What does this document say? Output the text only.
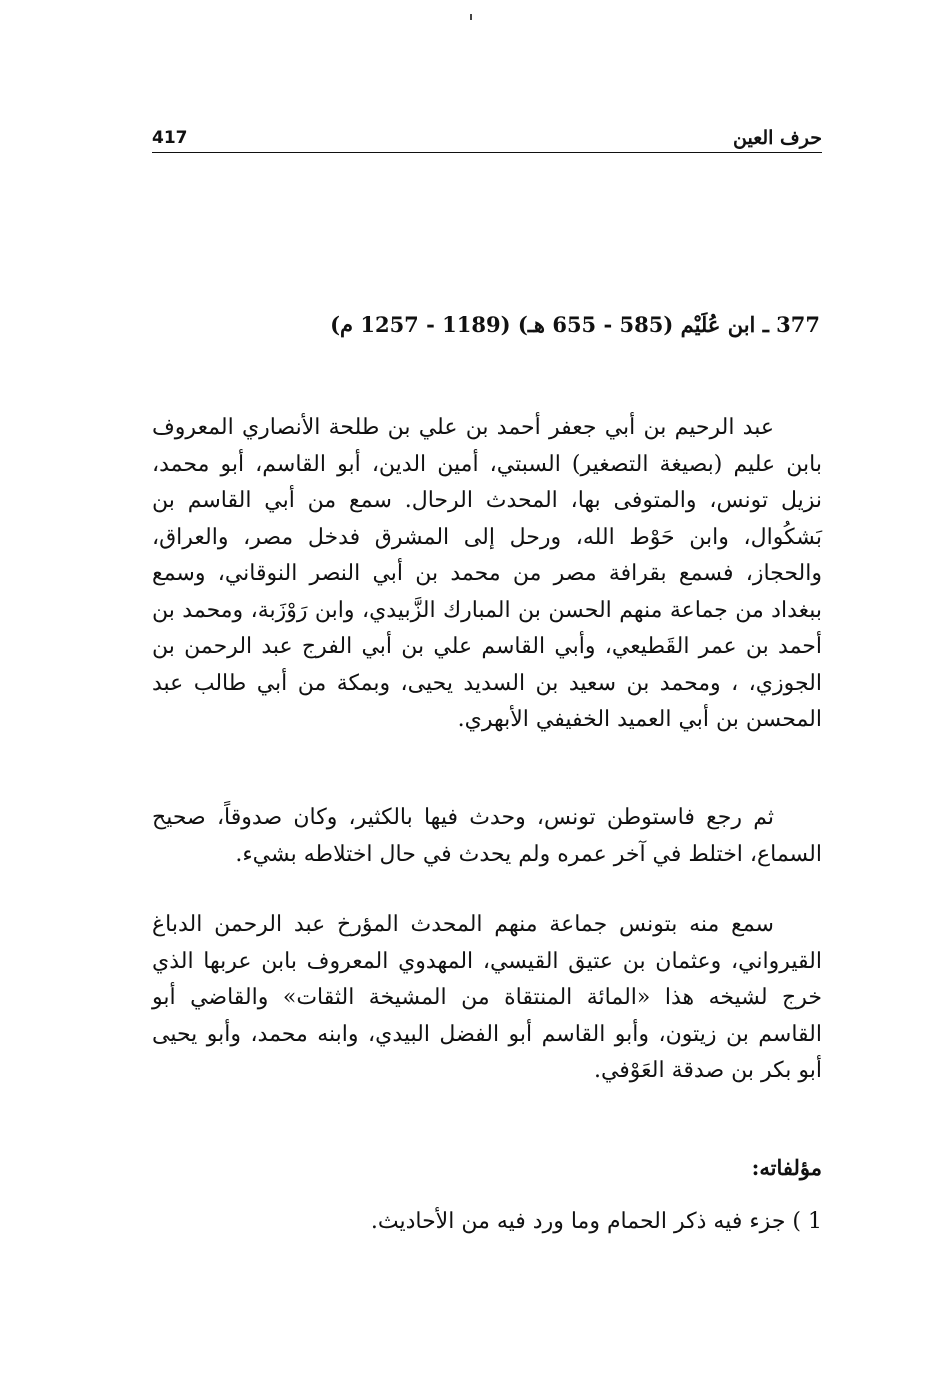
417	حرف العين
377 ـ ابن عُلَيْم (585 - 655 هـ) (1189 - 1257 م)
عبد الرحيم بن أبي جعفر أحمد بن علي بن طلحة الأنصاري المعروف بابن عليم (بصيغة التصغير) السبتي، أمين الدين، أبو القاسم، أبو محمد، نزيل تونس، والمتوفى بها، المحدث الرحال. سمع من أبي القاسم بن بَشكُوال، وابن حَوْط الله، ورحل إلى المشرق فدخل مصر، والعراق، والحجاز، فسمع بقرافة مصر من محمد بن أبي النصر النوقاني، وسمع ببغداد من جماعة منهم الحسن بن المبارك الزَّبيدي، وابن رَوْزَبة، ومحمد بن أحمد بن عمر القَطيعي، وأبي القاسم علي بن أبي الفرج عبد الرحمن بن الجوزي، ، ومحمد بن سعيد بن السديد يحيى، وبمكة من أبي طالب عبد المحسن بن أبي العميد الخفيفي الأبهري.
ثم رجع فاستوطن تونس، وحدث فيها بالكثير، وكان صدوقاً، صحيح السماع، اختلط في آخر عمره ولم يحدث في حال اختلاطه بشيء.
سمع منه بتونس جماعة منهم المحدث المؤرخ عبد الرحمن الدباغ القيرواني، وعثمان بن عتيق القيسي، المهدوي المعروف بابن عربها الذي خرج لشيخه هذا «المائة المنتقاة من المشيخة الثقات» والقاضي أبو القاسم بن زيتون، وأبو القاسم أبو الفضل البيدي، وابنه محمد، وأبو يحيى أبو بكر بن صدقة العَوْفي.
مؤلفاته:
1 ) جزء فيه ذكر الحمام وما ورد فيه من الأحاديث.
